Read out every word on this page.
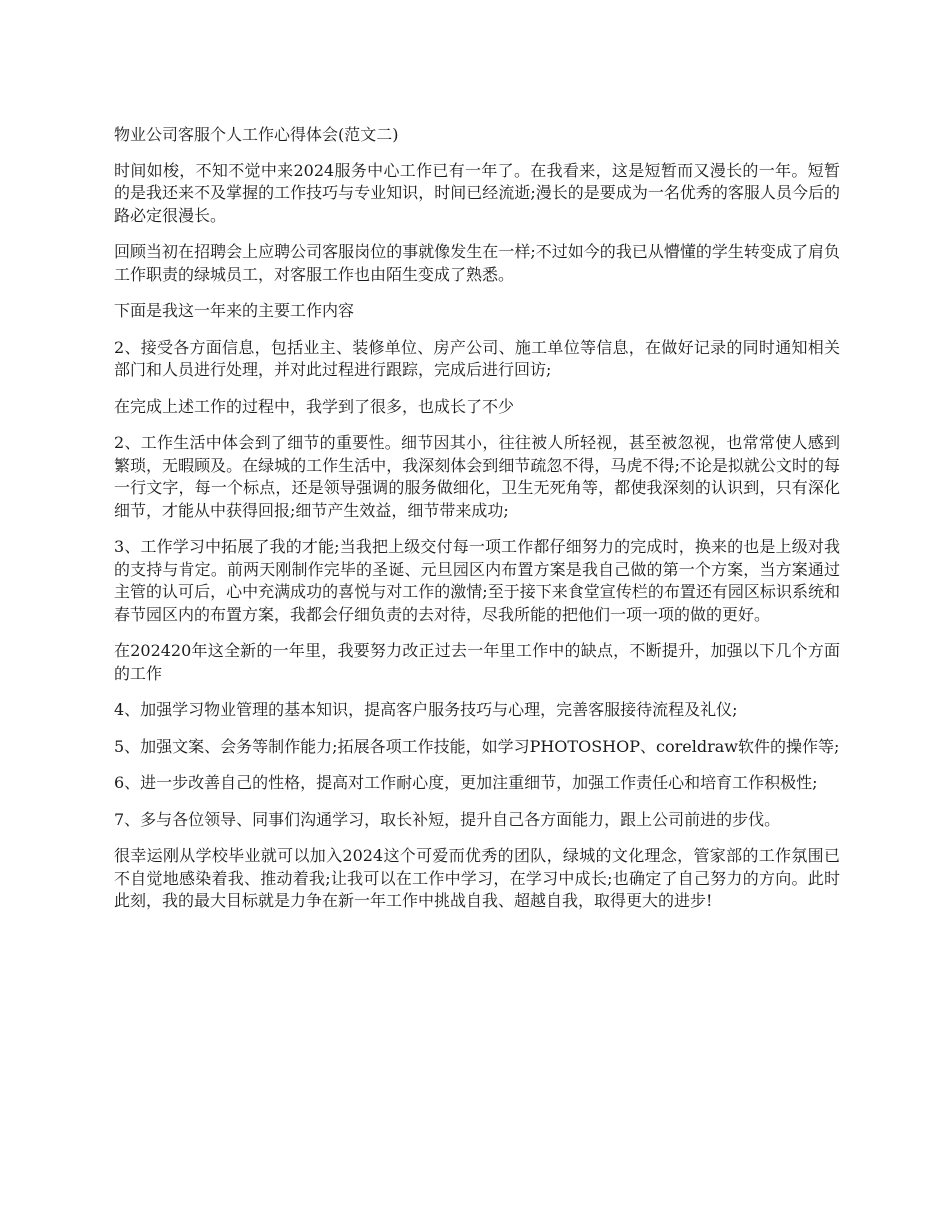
物业公司客服个人工作心得体会(范文二)

时间如梭，不知不觉中来2024服务中心工作已有一年了。在我看来，这是短暂而又漫长的一年。短暂的是我还来不及掌握的工作技巧与专业知识，时间已经流逝;漫长的是要成为一名优秀的客服人员今后的路必定很漫长。

回顾当初在招聘会上应聘公司客服岗位的事就像发生在一样;不过如今的我已从懵懂的学生转变成了肩负工作职责的绿城员工，对客服工作也由陌生变成了熟悉。

下面是我这一年来的主要工作内容

2、接受各方面信息，包括业主、装修单位、房产公司、施工单位等信息，在做好记录的同时通知相关部门和人员进行处理，并对此过程进行跟踪，完成后进行回访;

在完成上述工作的过程中，我学到了很多，也成长了不少

2、工作生活中体会到了细节的重要性。细节因其小，往往被人所轻视，甚至被忽视，也常常使人感到繁琐，无暇顾及。在绿城的工作生活中，我深刻体会到细节疏忽不得，马虎不得;不论是拟就公文时的每一行文字，每一个标点，还是领导强调的服务做细化，卫生无死角等，都使我深刻的认识到，只有深化细节，才能从中获得回报;细节产生效益，细节带来成功;

3、工作学习中拓展了我的才能;当我把上级交付每一项工作都仔细努力的完成时，换来的也是上级对我的支持与肯定。前两天刚制作完毕的圣诞、元旦园区内布置方案是我自己做的第一个方案，当方案通过主管的认可后，心中充满成功的喜悦与对工作的激情;至于接下来食堂宣传栏的布置还有园区标识系统和春节园区内的布置方案，我都会仔细负责的去对待，尽我所能的把他们一项一项的做的更好。

在202420年这全新的一年里，我要努力改正过去一年里工作中的缺点，不断提升，加强以下几个方面的工作

4、加强学习物业管理的基本知识，提高客户服务技巧与心理，完善客服接待流程及礼仪;

5、加强文案、会务等制作能力;拓展各项工作技能，如学习PHOTOSHOP、coreldraw软件的操作等;

6、进一步改善自己的性格，提高对工作耐心度，更加注重细节，加强工作责任心和培育工作积极性;

7、多与各位领导、同事们沟通学习，取长补短，提升自己各方面能力，跟上公司前进的步伐。

很幸运刚从学校毕业就可以加入2024这个可爱而优秀的团队，绿城的文化理念，管家部的工作氛围已不自觉地感染着我、推动着我;让我可以在工作中学习，在学习中成长;也确定了自己努力的方向。此时此刻，我的最大目标就是力争在新一年工作中挑战自我、超越自我，取得更大的进步!
